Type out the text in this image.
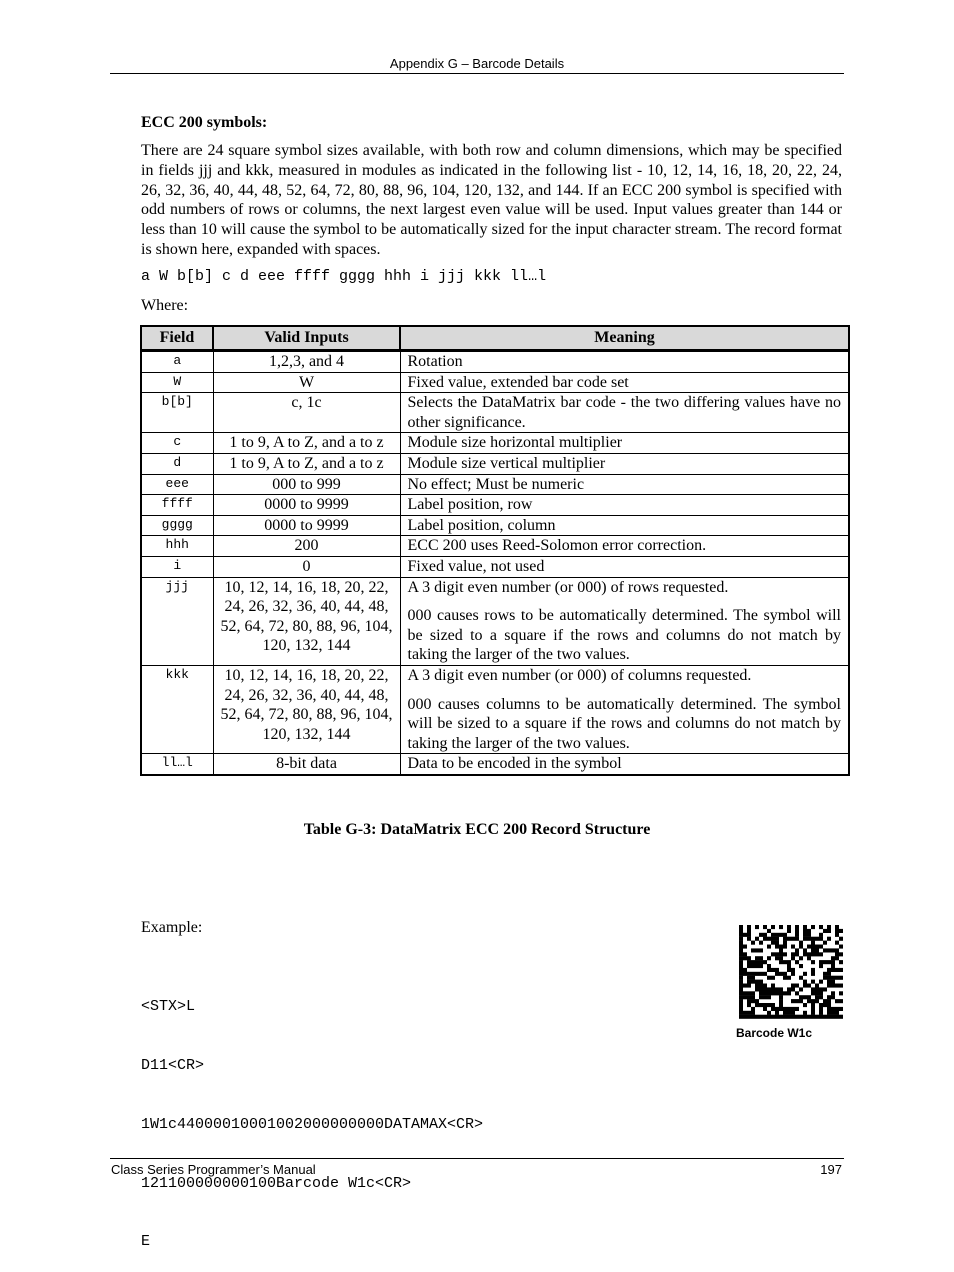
Appendix G – Barcode Details
ECC 200 symbols:
There are 24 square symbol sizes available, with both row and column dimensions, which may be specified in fields jjj and kkk, measured in modules as indicated in the following list - 10, 12, 14, 16, 18, 20, 22, 24, 26, 32, 36, 40, 44, 48, 52, 64, 72, 80, 88, 96, 104, 120, 132, and 144. If an ECC 200 symbol is specified with odd numbers of rows or columns, the next largest even value will be used. Input values greater than 144 or less than 10 will cause the symbol to be automatically sized for the input character stream. The record format is shown here, expanded with spaces.
a W b[b] c d eee ffff gggg hhh i jjj kkk ll…l
Where:
Field	Valid Inputs	Meaning
a	1,2,3, and 4	Rotation

W	W	Fixed value, extended bar code set

b[b]	c, 1c	Selects the DataMatrix bar code - the two differing values have no other significance.

c	1 to 9, A to Z, and a to z	Module size horizontal multiplier

d	1 to 9, A to Z, and a to z	Module size vertical multiplier

eee	000 to 999	No effect; Must be numeric

ffff	0000 to 9999	Label position, row

gggg	0000 to 9999	Label position, column

hhh	200	ECC 200 uses Reed-Solomon error correction.

i	0	Fixed value, not used

jjj	10, 12, 14, 16, 18, 20, 22, 24, 26, 32, 36, 40, 44, 48, 52, 64, 72, 80, 88, 96, 104, 120, 132, 144	A 3 digit even number (or 000) of rows requested.

000 causes rows to be automatically determined. The symbol will be sized to a square if the rows and columns do not match by taking the larger of the two values.

kkk	10, 12, 14, 16, 18, 20, 22, 24, 26, 32, 36, 40, 44, 48, 52, 64, 72, 80, 88, 96, 104, 120, 132, 144	A 3 digit even number (or 000) of columns requested.

000 causes columns to be automatically determined. The symbol will be sized to a square if the rows and columns do not match by taking the larger of the two values.

ll…l	8-bit data	Data to be encoded in the symbol

Table G-3: DataMatrix ECC 200 Record Structure
Example:

<STX>L

D11<CR>

1W1c44000010001002000000000DATAMAX<CR>

121100000000100Barcode W1c<CR>

E

Barcode W1c
Class Series Programmer’s Manual	197
